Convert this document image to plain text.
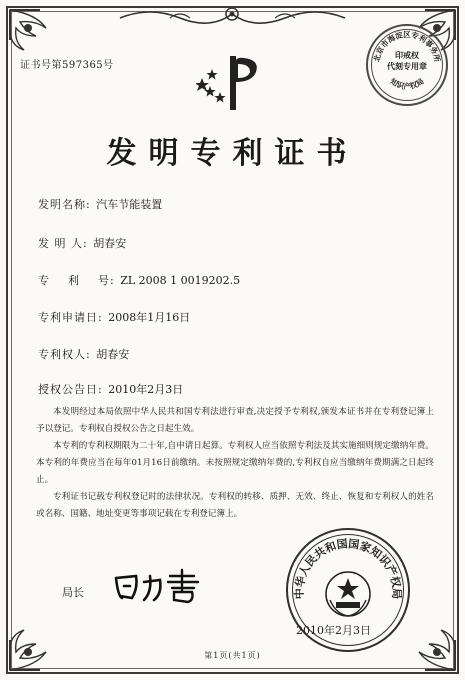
证书号第597365号
北京市海淀区专利事务所
知识产权局
印戒权
代刻专用章
发明专利证书
发明名称: 汽车节能装置
发 明 人: 胡春安
专    利    号: ZL 2008 1 0019202.5
专利申请日: 2008年1月16日
专利权人: 胡春安
授权公告日: 2010年2月3日

本发明经过本局依照中华人民共和国专利法进行审查,决定授予专利权,颁发本证书并在专利登记簿上予以登记。专利权自授权公告之日起生效。

本专利的专利权期限为二十年,自申请日起算。专利权人应当依照专利法及其实施细则规定缴纳年费。本专利的年费应当在每年01月16日前缴纳。未按照规定缴纳年费的,专利权自应当缴纳年费期满之日起终止。

专利证书记载专利权登记时的法律状况。专利权的转移、质押、无效、终止、恢复和专利权人的姓名或名称、国籍、地址变更等事项记载在专利登记簿上。

局长	中华人民共和国国家知识产权局
2010年2月3日
第1页(共1页)
